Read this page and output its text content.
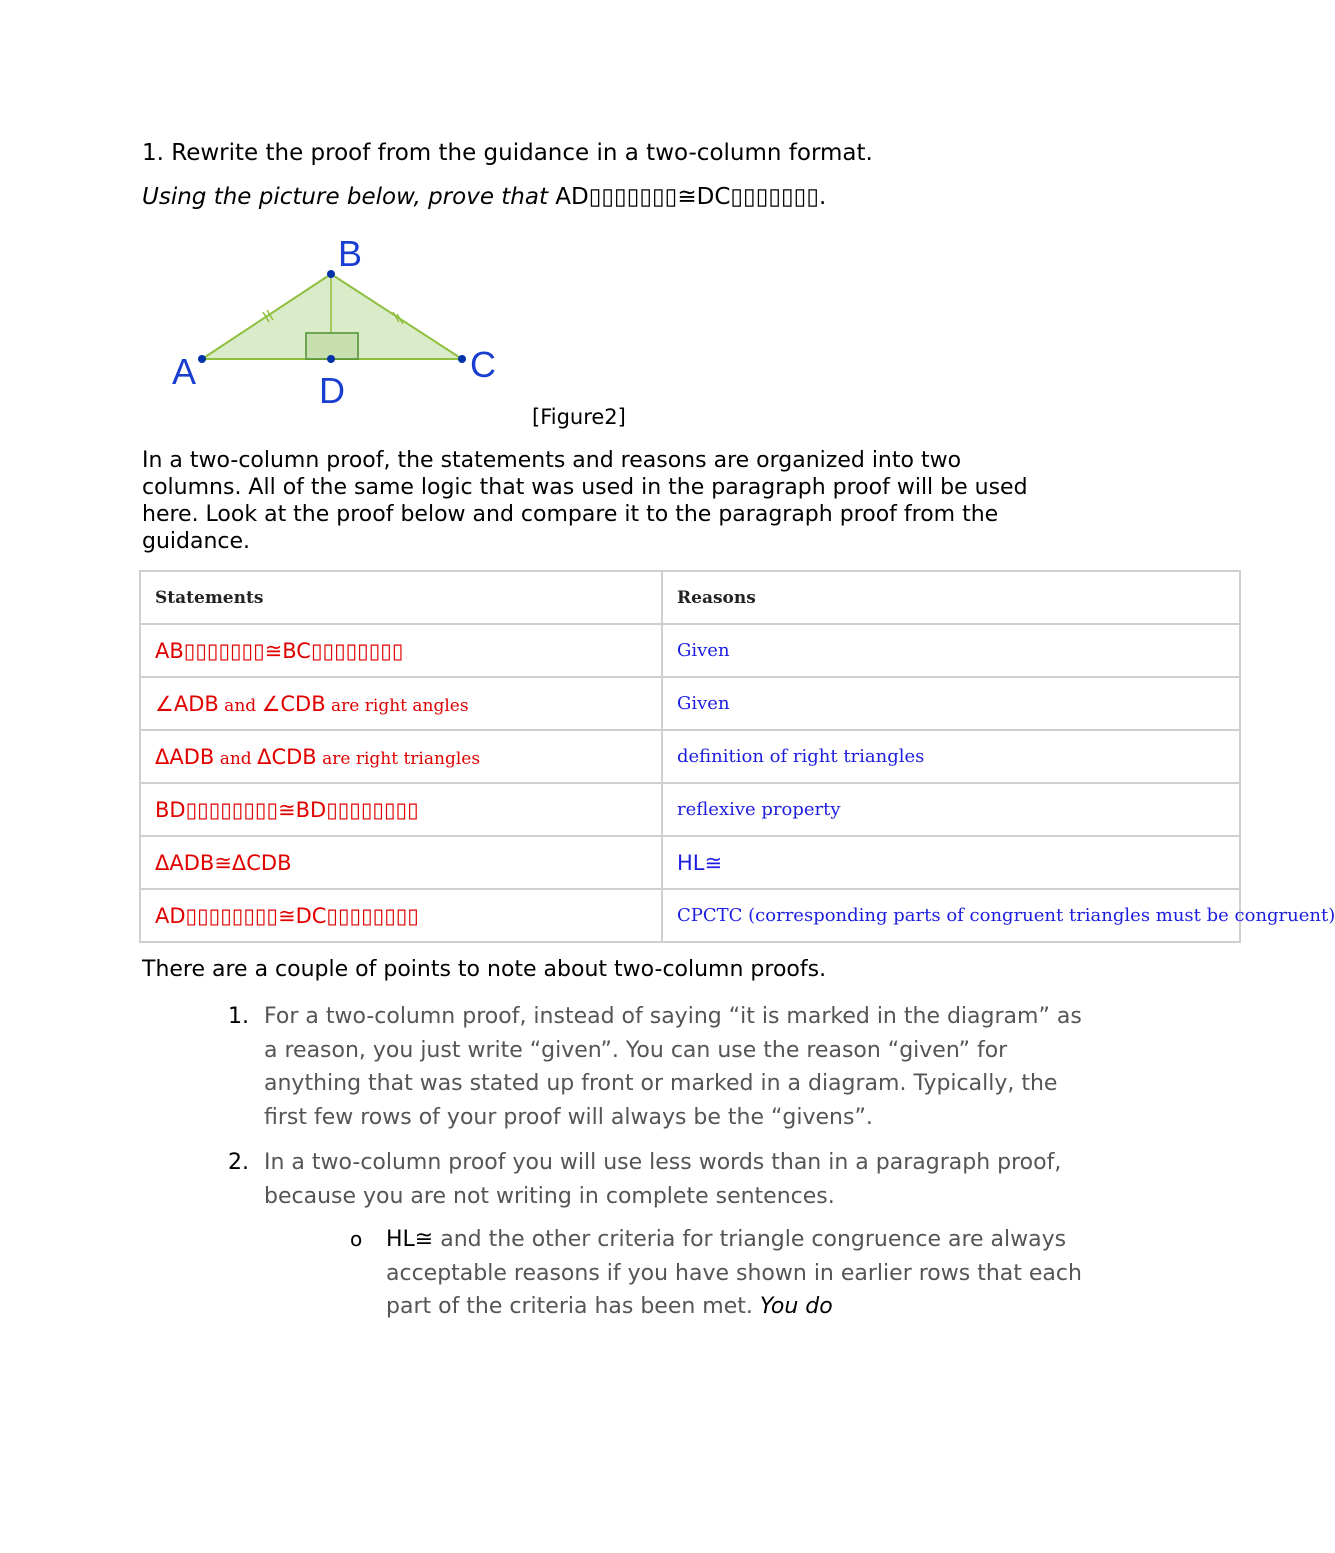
1. Rewrite the proof from the guidance in a two-column format.
Using the picture below, prove that AD▯▯▯▯▯▯▯≅DC▯▯▯▯▯▯▯.
A
B
C
D
[Figure2]

In a two-column proof, the statements and reasons are organized into two columns. All of the same logic that was used in the paragraph proof will be used here. Look at the proof below and compare it to the paragraph proof from the guidance.

Statements	Reasons
AB▯▯▯▯▯▯▯≅BC▯▯▯▯▯▯▯▯	Given
∠ADB and ∠CDB are right angles	Given
ΔADB and ΔCDB are right triangles	definition of right triangles
BD▯▯▯▯▯▯▯▯≅BD▯▯▯▯▯▯▯▯	reflexive property
ΔADB≅ΔCDB	HL≅
AD▯▯▯▯▯▯▯▯≅DC▯▯▯▯▯▯▯▯	CPCTC (corresponding parts of congruent triangles must be congruent)
There are a couple of points to note about two-column proofs.
1. For a two-column proof, instead of saying “it is marked in the diagram” as a reason, you just write “given”. You can use the reason “given” for anything that was stated up front or marked in a diagram. Typically, the first few rows of your proof will always be the “givens”.
2. In a two-column proof you will use less words than in a paragraph proof, because you are not writing in complete sentences.
o HL≅ and the other criteria for triangle congruence are always acceptable reasons if you have shown in earlier rows that each part of the criteria has been met. You do
